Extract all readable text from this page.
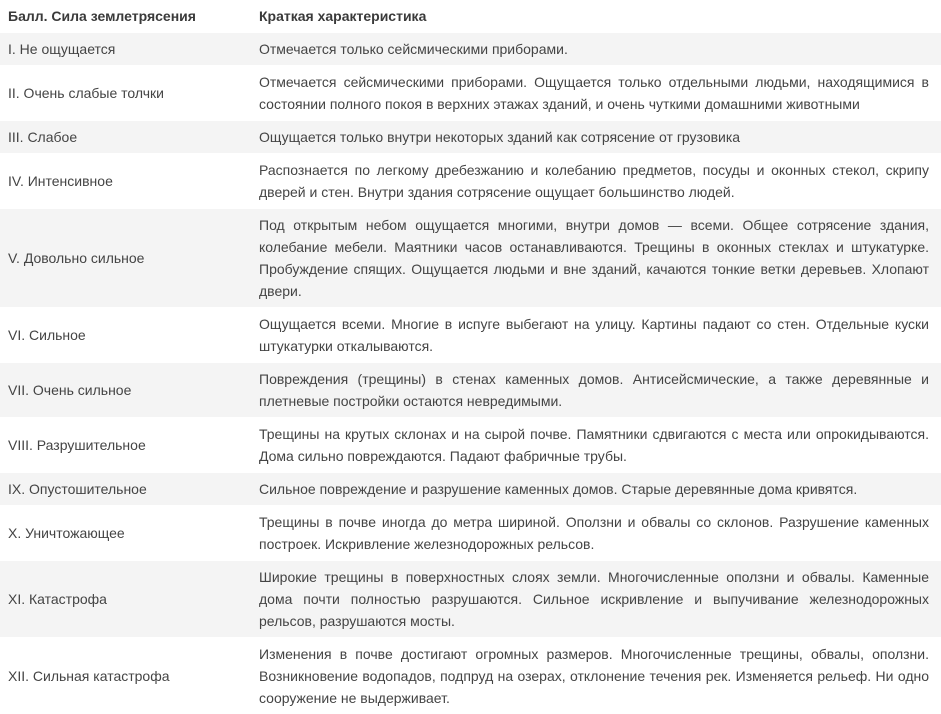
Балл. Сила землетрясения	Краткая характеристика
I. Не ощущается	Отмечается только сейсмическими приборами.
II. Очень слабые толчки	Отмечается сейсмическими приборами. Ощущается только отдельными людьми, находящимися в состоянии полного покоя в верхних этажах зданий, и очень чуткими домашними животными
III. Слабое	Ощущается только внутри некоторых зданий как сотрясение от грузовика
IV. Интенсивное	Распознается по легкому дребезжанию и колебанию предметов, посуды и оконных стекол, скрипу дверей и стен. Внутри здания сотрясение ощущает большинство людей.
V. Довольно сильное	Под открытым небом ощущается многими, внутри домов — всеми. Общее сотрясение здания, колебание мебели. Маятники часов останавливаются. Трещины в оконных стеклах и штукатурке. Пробуждение спящих. Ощущается людьми и вне зданий, качаются тонкие ветки деревьев. Хлопают двери.
VI. Сильное	Ощущается всеми. Многие в испуге выбегают на улицу. Картины падают со стен. Отдельные куски штукатурки откалываются.
VII. Очень сильное	Повреждения (трещины) в стенах каменных домов. Антисейсмические, а также деревянные и плетневые постройки остаются невредимыми.
VIII. Разрушительное	Трещины на крутых склонах и на сырой почве. Памятники сдвигаются с места или опрокидываются. Дома сильно повреждаются. Падают фабричные трубы.
IX. Опустошительное	Сильное повреждение и разрушение каменных домов. Старые деревянные дома кривятся.
X. Уничтожающее	Трещины в почве иногда до метра шириной. Оползни и обвалы со склонов. Разрушение каменных построек. Искривление железнодорожных рельсов.
XI. Катастрофа	Широкие трещины в поверхностных слоях земли. Многочисленные оползни и обвалы. Каменные дома почти полностью разрушаются. Сильное искривление и выпучивание железнодорожных рельсов, разрушаются мосты.
XII. Сильная катастрофа	Изменения в почве достигают огромных размеров. Многочисленные трещины, обвалы, оползни. Возникновение водопадов, подпруд на озерах, отклонение течения рек. Изменяется рельеф. Ни одно сооружение не выдерживает.
